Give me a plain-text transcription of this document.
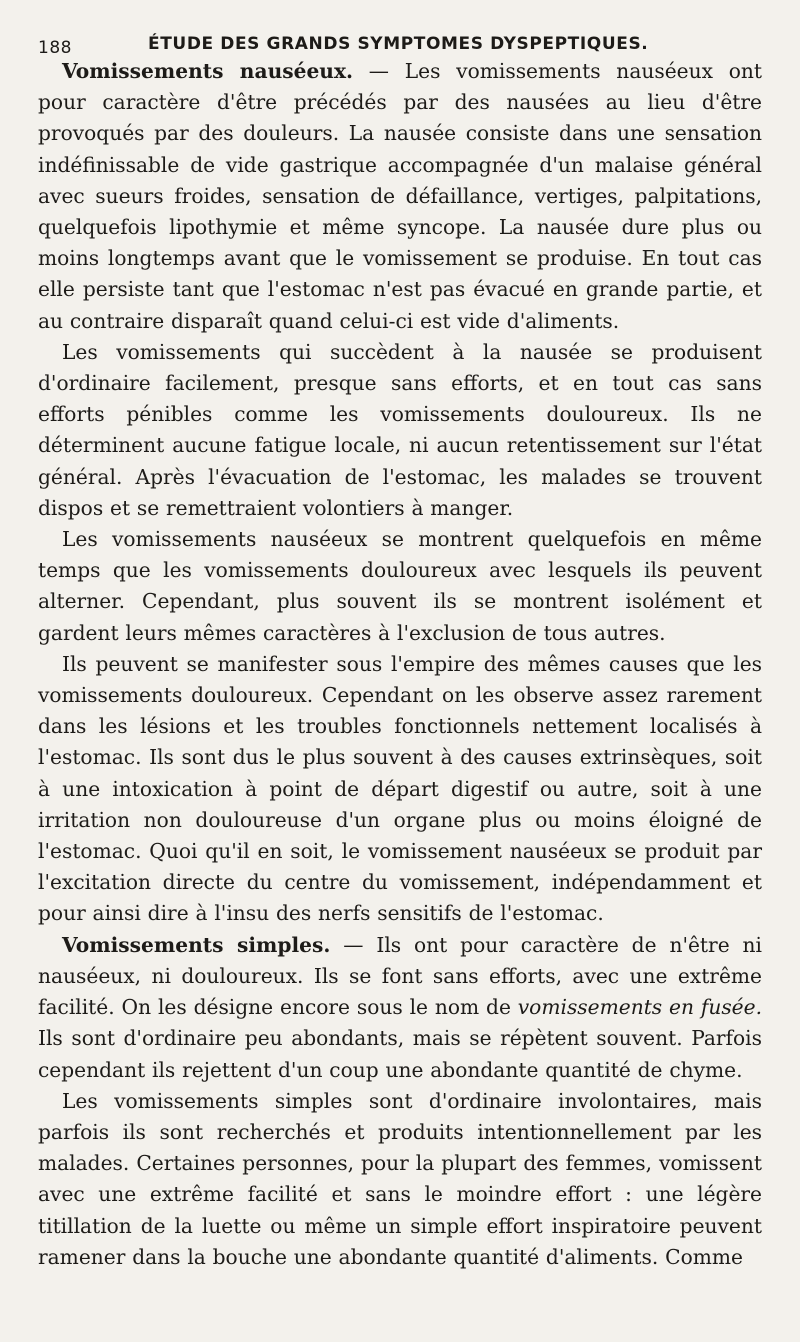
188	ÉTUDE DES GRANDS SYMPTOMES DYSPEPTIQUES.

Vomissements nauséeux. — Les vomissements nauséeux ont pour caractère d'être précédés par des nausées au lieu d'être provoqués par des douleurs. La nausée consiste dans une sensation indéfinissable de vide gastrique accompagnée d'un malaise général avec sueurs froides, sensation de défaillance, vertiges, palpitations, quelquefois lipothymie et même syncope. La nausée dure plus ou moins longtemps avant que le vomissement se produise. En tout cas elle persiste tant que l'estomac n'est pas évacué en grande partie, et au contraire disparaît quand celui-ci est vide d'aliments.

Les vomissements qui succèdent à la nausée se produisent d'ordinaire facilement, presque sans efforts, et en tout cas sans efforts pénibles comme les vomissements douloureux. Ils ne déterminent aucune fatigue locale, ni aucun retentissement sur l'état général. Après l'évacuation de l'estomac, les malades se trouvent dispos et se remettraient volontiers à manger.

Les vomissements nauséeux se montrent quelquefois en même temps que les vomissements douloureux avec lesquels ils peuvent alterner. Cependant, plus souvent ils se montrent isolément et gardent leurs mêmes caractères à l'exclusion de tous autres.

Ils peuvent se manifester sous l'empire des mêmes causes que les vomissements douloureux. Cependant on les observe assez rarement dans les lésions et les troubles fonctionnels nettement localisés à l'estomac. Ils sont dus le plus souvent à des causes extrinsèques, soit à une intoxication à point de départ digestif ou autre, soit à une irritation non douloureuse d'un organe plus ou moins éloigné de l'estomac. Quoi qu'il en soit, le vomissement nauséeux se produit par l'excitation directe du centre du vomissement, indépendamment et pour ainsi dire à l'insu des nerfs sensitifs de l'estomac.

Vomissements simples. — Ils ont pour caractère de n'être ni nauséeux, ni douloureux. Ils se font sans efforts, avec une extrême facilité. On les désigne encore sous le nom de vomissements en fusée. Ils sont d'ordinaire peu abondants, mais se répètent souvent. Parfois cependant ils rejettent d'un coup une abondante quantité de chyme.

Les vomissements simples sont d'ordinaire involontaires, mais parfois ils sont recherchés et produits intentionnellement par les malades. Certaines personnes, pour la plupart des femmes, vomissent avec une extrême facilité et sans le moindre effort : une légère titillation de la luette ou même un simple effort inspiratoire peuvent ramener dans la bouche une abondante quantité d'aliments. Comme
